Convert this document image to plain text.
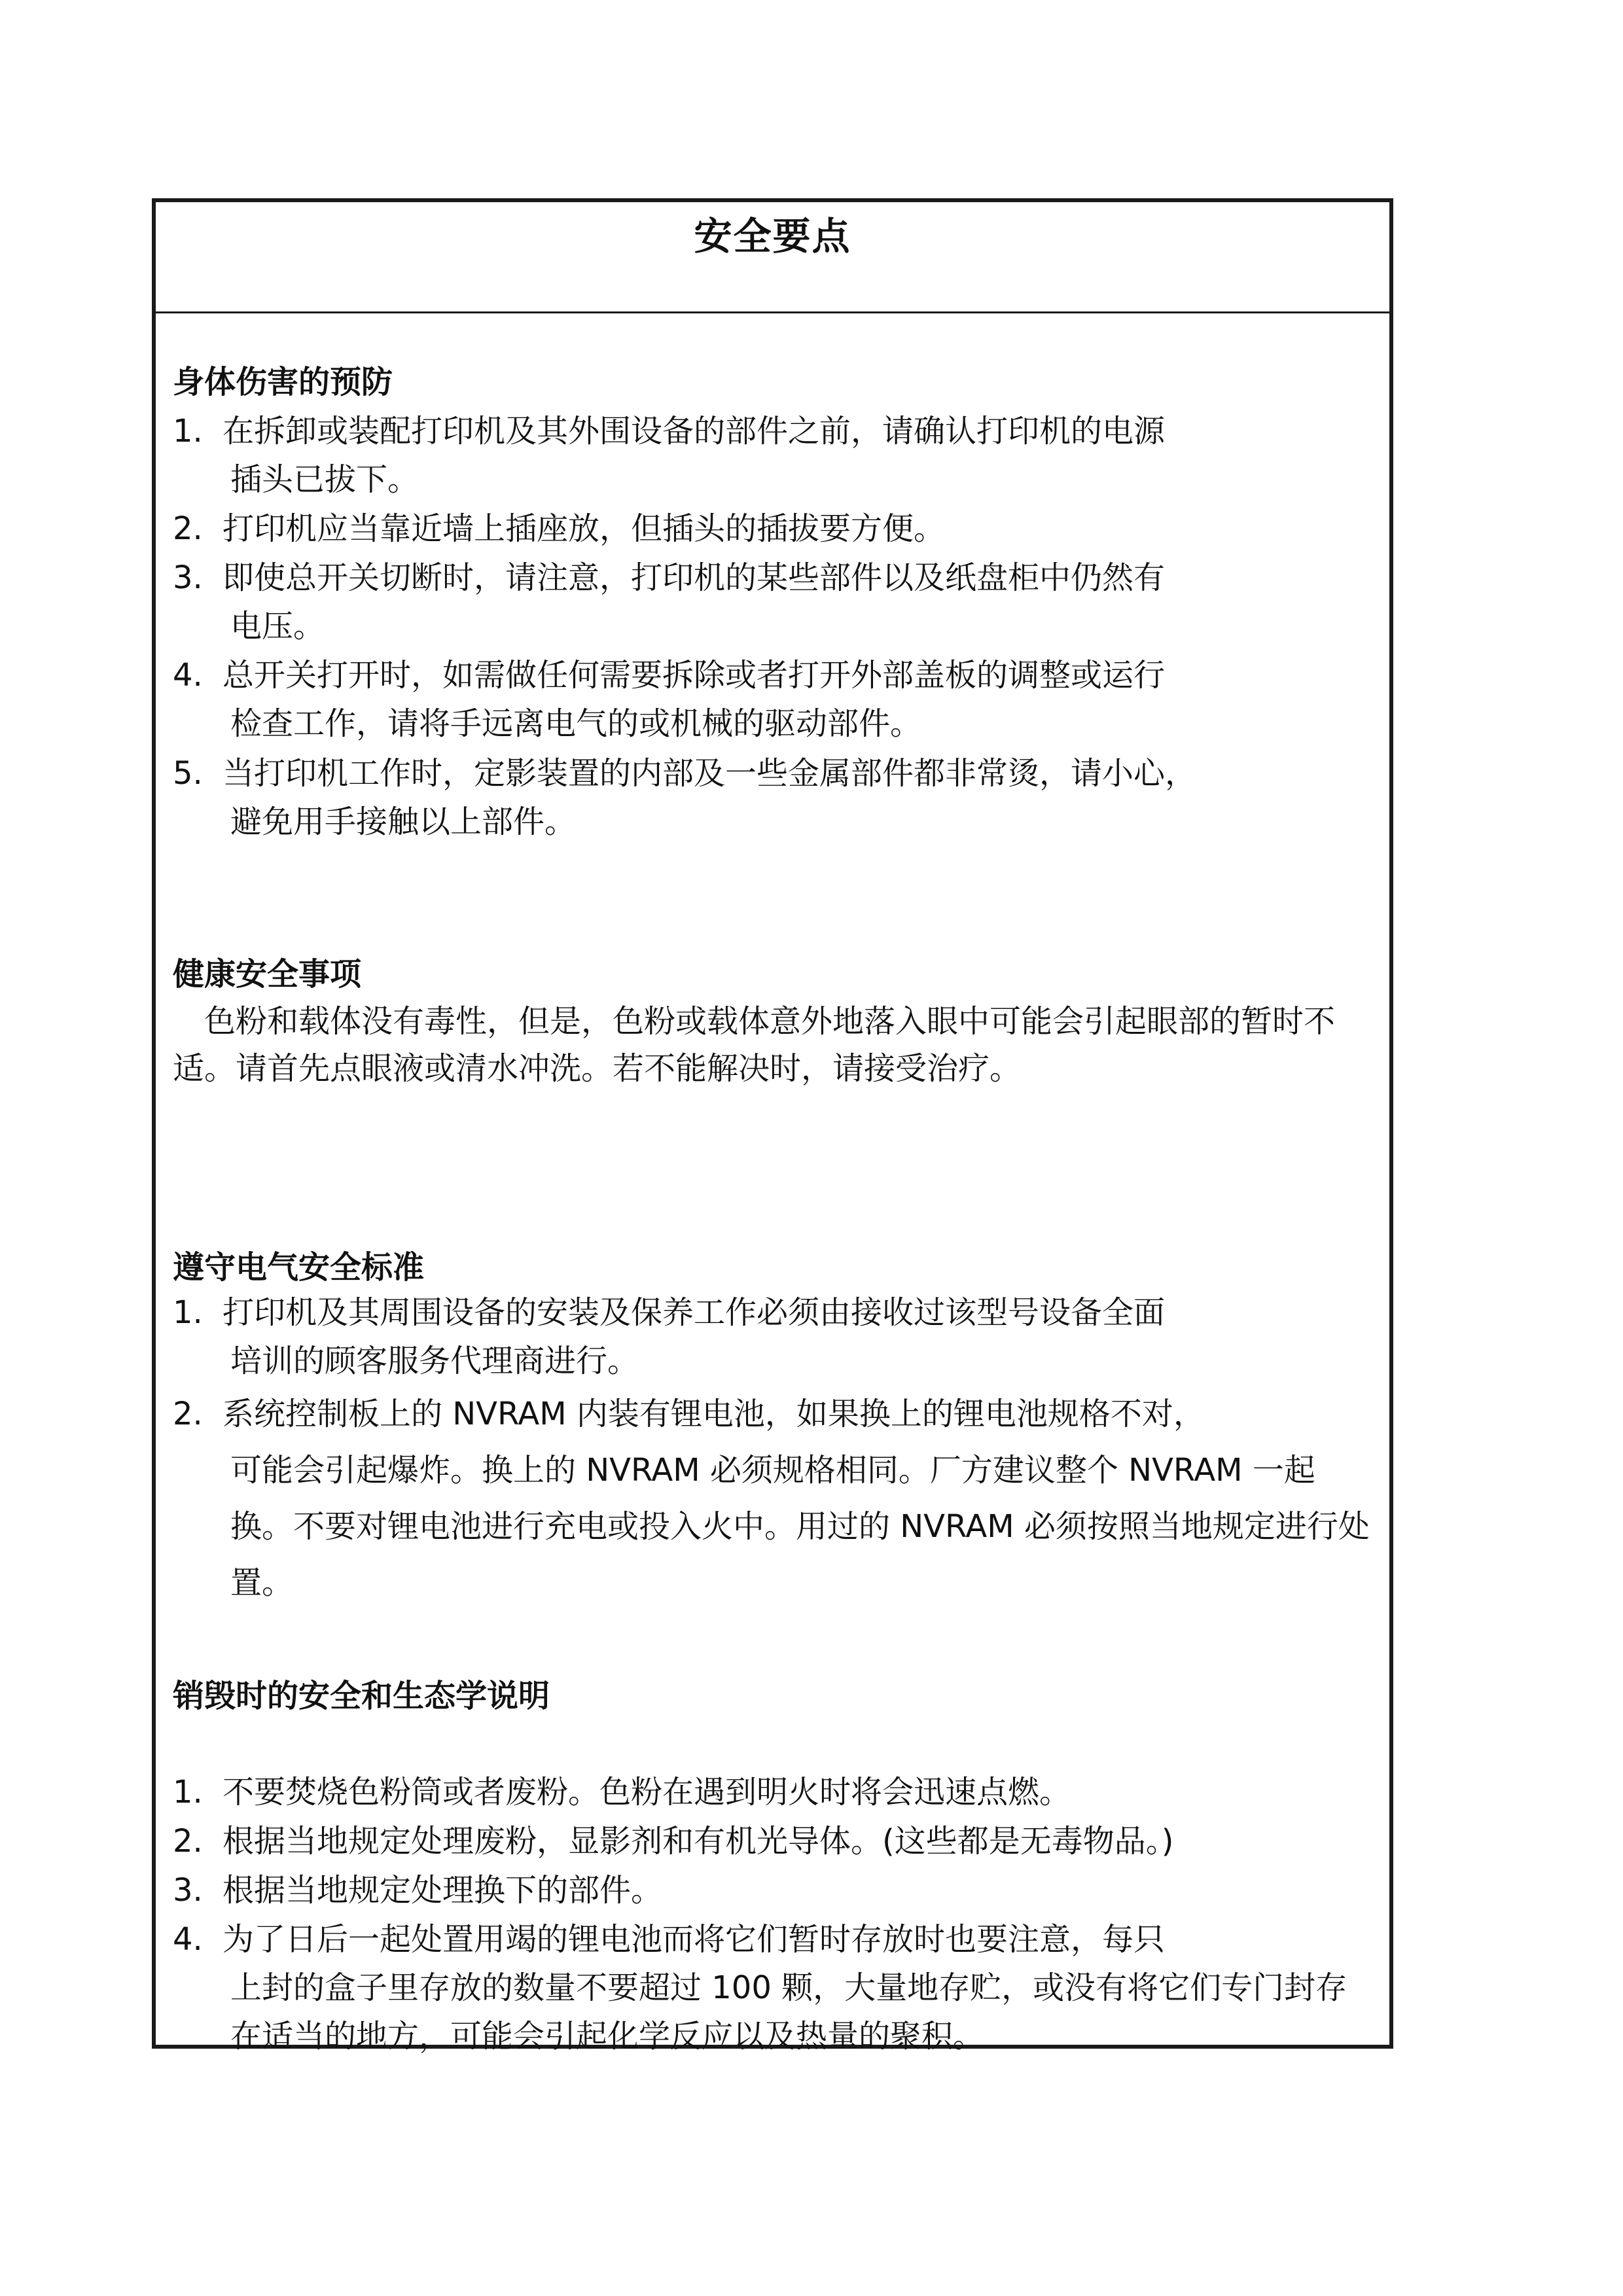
安全要点
身体伤害的预防
1. 在拆卸或装配打印机及其外围设备的部件之前，请确认打印机的电源
插头已拔下。
2. 打印机应当靠近墙上插座放，但插头的插拔要方便。
3. 即使总开关切断时，请注意，打印机的某些部件以及纸盘柜中仍然有
电压。
4. 总开关打开时，如需做任何需要拆除或者打开外部盖板的调整或运行
检查工作，请将手远离电气的或机械的驱动部件。
5. 当打印机工作时，定影装置的内部及一些金属部件都非常烫，请小心，
避免用手接触以上部件。
健康安全事项
色粉和载体没有毒性，但是，色粉或载体意外地落入眼中可能会引起眼部的暂时不适。请首先点眼液或清水冲洗。若不能解决时，请接受治疗。
遵守电气安全标准
1. 打印机及其周围设备的安装及保养工作必须由接收过该型号设备全面
培训的顾客服务代理商进行。
2. 系统控制板上的 NVRAM 内装有锂电池，如果换上的锂电池规格不对，
可能会引起爆炸。换上的 NVRAM 必须规格相同。厂方建议整个 NVRAM 一起换。不要对锂电池进行充电或投入火中。用过的 NVRAM 必须按照当地规定进行处置。
销毁时的安全和生态学说明
1. 不要焚烧色粉筒或者废粉。色粉在遇到明火时将会迅速点燃。
2. 根据当地规定处理废粉，显影剂和有机光导体。(这些都是无毒物品。)
3. 根据当地规定处理换下的部件。
4. 为了日后一起处置用竭的锂电池而将它们暂时存放时也要注意，每只
上封的盒子里存放的数量不要超过 100 颗，大量地存贮，或没有将它们专门封存在适当的地方，可能会引起化学反应以及热量的聚积。
